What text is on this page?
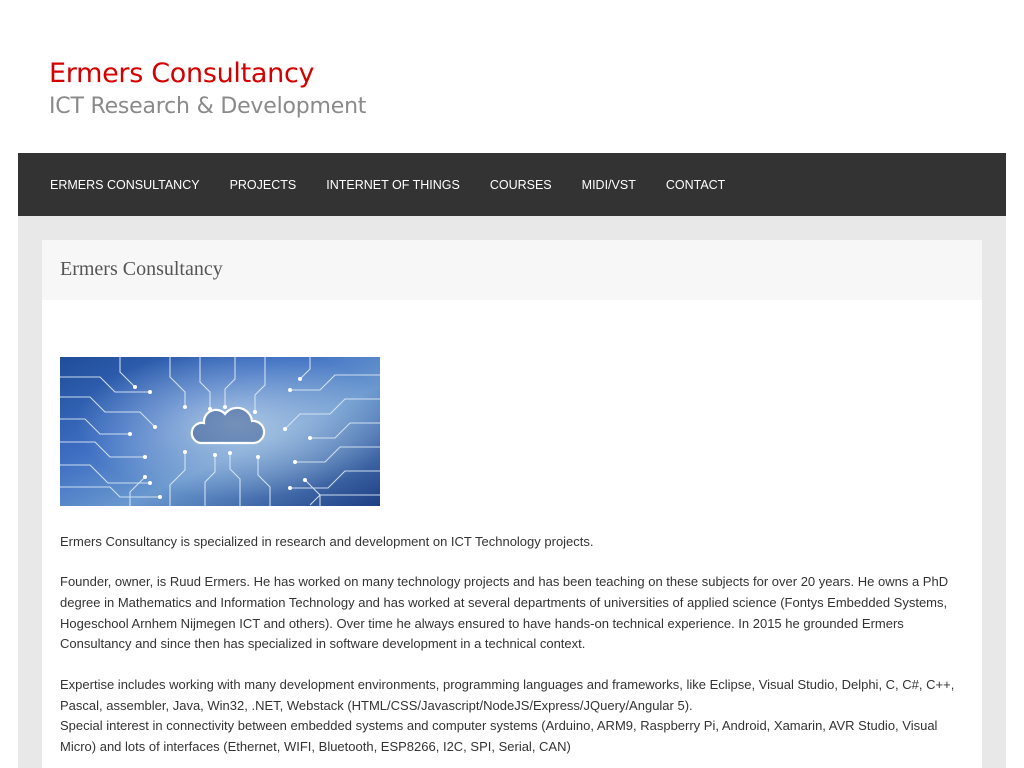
Ermers Consultancy
ICT Research & Development
ERMERS CONSULTANCY PROJECTS INTERNET OF THINGS COURSES MIDI/VST CONTACT
Ermers Consultancy

Ermers Consultancy is specialized in research and development on ICT Technology projects.

Founder, owner, is Ruud Ermers. He has worked on many technology projects and has been teaching on these subjects for over 20 years. He owns a PhD degree in Mathematics and Information Technology and has worked at several departments of universities of applied science (Fontys Embedded Systems, Hogeschool Arnhem Nijmegen ICT and others). Over time he always ensured to have hands-on technical experience. In 2015 he grounded Ermers Consultancy and since then has specialized in software development in a technical context.

Expertise includes working with many development environments, programming languages and frameworks, like Eclipse, Visual Studio, Delphi, C, C#, C++, Pascal, assembler, Java, Win32, .NET, Webstack (HTML/CSS/Javascript/NodeJS/Express/JQuery/Angular 5).

Special interest in connectivity between embedded systems and computer systems (Arduino, ARM9, Raspberry Pi, Android, Xamarin, AVR Studio, Visual Micro) and lots of interfaces (Ethernet, WIFI, Bluetooth, ESP8266, I2C, SPI, Serial, CAN)
